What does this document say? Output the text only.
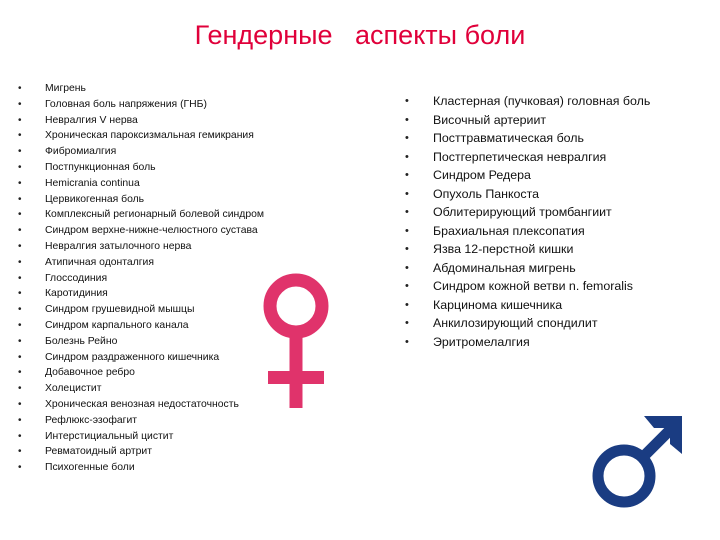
Гендерные   аспекты боли
• Мигрень
• Головная боль напряжения (ГНБ)
• Невралгия V нерва
• Хроническая пароксизмальная гемикрания
• Фибромиалгия
• Постпункционная боль
• Hemicrania continua
• Цервикогенная боль
• Комплексный регионарный болевой синдром
• Синдром верхне-нижне-челюстного сустава
• Невралгия затылочного нерва
• Атипичная одонталгия
• Глоссодиния
• Каротидиния
• Синдром грушевидной мышцы
• Синдром карпального канала
• Болезнь Рейно
• Синдром раздраженного кишечника
• Добавочное ребро
• Холецистит
• Хроническая венозная недостаточность
• Рефлюкс-эзофагит
• Интерстициальный цистит
• Ревматоидный артрит
• Психогенные боли
• Кластерная (пучковая) головная боль
• Височный артериит
• Посттравматическая боль
• Постгерпетическая невралгия
• Синдром Редера
• Опухоль Панкоста
• Облитерирующий тромбангиит
• Брахиальная плексопатия
• Язва 12-перстной кишки
• Абдоминальная мигрень
• Синдром кожной ветви n. femoralis
• Карцинома кишечника
• Анкилозирующий спондилит
• Эритромелалгия
